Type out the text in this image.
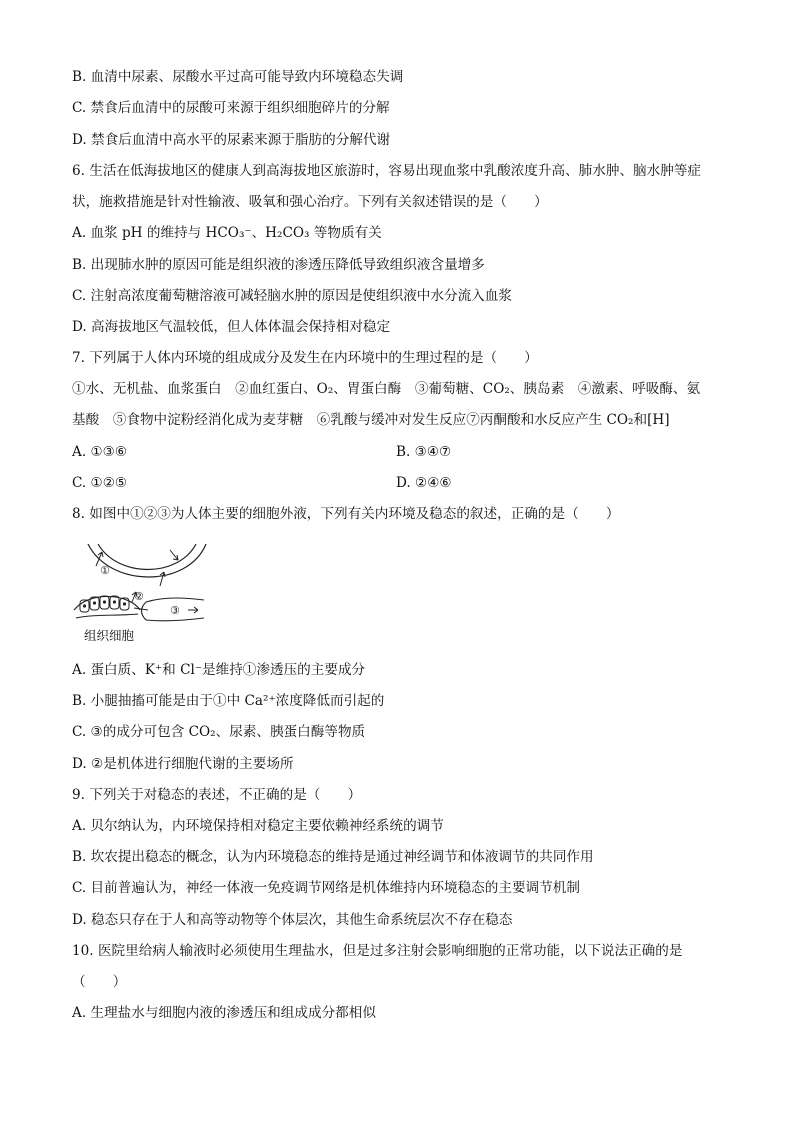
B. 血清中尿素、尿酸水平过高可能导致内环境稳态失调
C. 禁食后血清中的尿酸可来源于组织细胞碎片的分解
D. 禁食后血清中高水平的尿素来源于脂肪的分解代谢
6. 生活在低海拔地区的健康人到高海拔地区旅游时，容易出现血浆中乳酸浓度升高、肺水肿、脑水肿等症
状，施救措施是针对性输液、吸氧和强心治疗。下列有关叙述错误的是（　　）
A. 血浆 pH 的维持与 HCO₃⁻、H₂CO₃ 等物质有关
B. 出现肺水肿的原因可能是组织液的渗透压降低导致组织液含量增多
C. 注射高浓度葡萄糖溶液可减轻脑水肿的原因是使组织液中水分流入血浆
D. 高海拔地区气温较低，但人体体温会保持相对稳定
7. 下列属于人体内环境的组成成分及发生在内环境中的生理过程的是（　　）
①水、无机盐、血浆蛋白　②血红蛋白、O₂、胃蛋白酶　③葡萄糖、CO₂、胰岛素　④激素、呼吸酶、氨
基酸　⑤食物中淀粉经消化成为麦芽糖　⑥乳酸与缓冲对发生反应⑦丙酮酸和水反应产生 CO₂和[H]
A. ①③⑥	B. ③④⑦
C. ①②⑤	D. ②④⑥
8. 如图中①②③为人体主要的细胞外液，下列有关内环境及稳态的叙述，正确的是（　　）
①
②
③
组织细胞
A. 蛋白质、K⁺和 Cl⁻是维持①渗透压的主要成分
B. 小腿抽搐可能是由于①中 Ca²⁺浓度降低而引起的
C. ③的成分可包含 CO₂、尿素、胰蛋白酶等物质
D. ②是机体进行细胞代谢的主要场所
9. 下列关于对稳态的表述，不正确的是（　　）
A. 贝尔纳认为，内环境保持相对稳定主要依赖神经系统的调节
B. 坎农提出稳态的概念，认为内环境稳态的维持是通过神经调节和体液调节的共同作用
C. 目前普遍认为，神经一体液一免疫调节网络是机体维持内环境稳态的主要调节机制
D. 稳态只存在于人和高等动物等个体层次，其他生命系统层次不存在稳态
10. 医院里给病人输液时必须使用生理盐水，但是过多注射会影响细胞的正常功能，以下说法正确的是
（　　）
A. 生理盐水与细胞内液的渗透压和组成成分都相似
